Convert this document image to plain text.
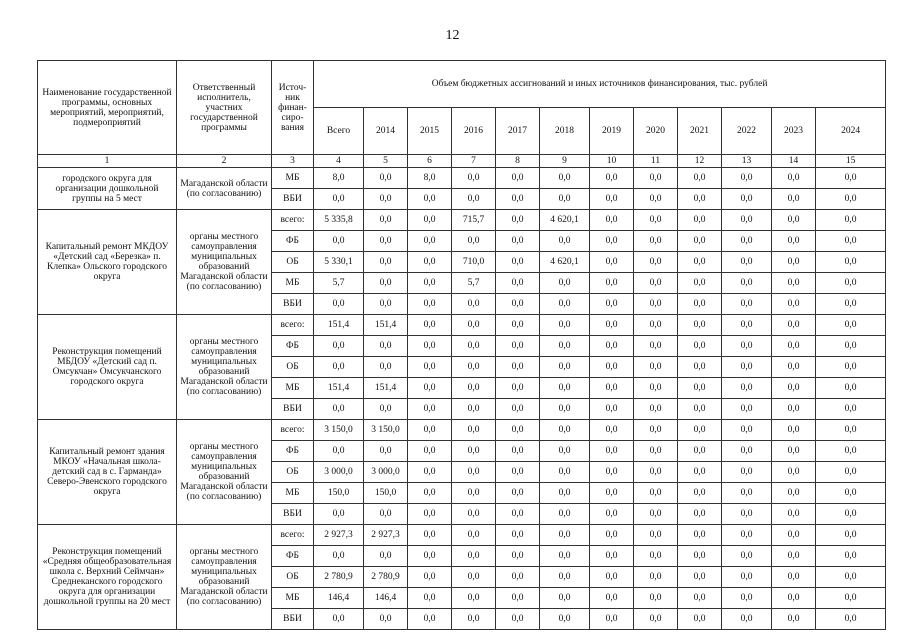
12
Наименование государственной программы, основных мероприятий, мероприятий, подмероприятий	Ответственный исполнитель, участних государственной программы	Источ-ник финан-сиро-вания	Объем бюджетных ассигнований и иных источников финансирования, тыс. рублей											
			Всего	2014	2015	2016	2017	2018	2019	2020	2021	2022	2023	2024
1	2	3	4	5	6	7	8	9	10	11	12	13	14	15
городского округа для организации дошкольной группы на 5 мест	Магаданской области (по согласованию)	МБ	8,0	0,0	8,0	0,0	0,0	0,0	0,0	0,0	0,0	0,0	0,0	0,0
		ВБИ	0,0	0,0	0,0	0,0	0,0	0,0	0,0	0,0	0,0	0,0	0,0	0,0
Капитальный ремонт МКДОУ «Детский сад «Березка» п. Клепка» Ольского городского округа	органы местного самоуправления муниципальных образований Магаданской области (по согласованию)	всего:	5 335,8	0,0	0,0	715,7	0,0	4 620,1	0,0	0,0	0,0	0,0	0,0	0,0
		ФБ	0,0	0,0	0,0	0,0	0,0	0,0	0,0	0,0	0,0	0,0	0,0	0,0
		ОБ	5 330,1	0,0	0,0	710,0	0,0	4 620,1	0,0	0,0	0,0	0,0	0,0	0,0
		МБ	5,7	0,0	0,0	5,7	0,0	0,0	0,0	0,0	0,0	0,0	0,0	0,0
		ВБИ	0,0	0,0	0,0	0,0	0,0	0,0	0,0	0,0	0,0	0,0	0,0	0,0
Реконструкция помещений МБДОУ «Детский сад п. Омсукчан» Омсукчанского городского округа	органы местного самоуправления муниципальных образований Магаданской области (по согласованию)	всего:	151,4	151,4	0,0	0,0	0,0	0,0	0,0	0,0	0,0	0,0	0,0	0,0
		ФБ	0,0	0,0	0,0	0,0	0,0	0,0	0,0	0,0	0,0	0,0	0,0	0,0
		ОБ	0,0	0,0	0,0	0,0	0,0	0,0	0,0	0,0	0,0	0,0	0,0	0,0
		МБ	151,4	151,4	0,0	0,0	0,0	0,0	0,0	0,0	0,0	0,0	0,0	0,0
		ВБИ	0,0	0,0	0,0	0,0	0,0	0,0	0,0	0,0	0,0	0,0	0,0	0,0
Капитальный ремонт здания МКОУ «Начальная школа-детский сад в с. Гарманда» Северо-Эвенского городского округа	органы местного самоуправления муниципальных образований Магаданской области (по согласованию)	всего:	3 150,0	3 150,0	0,0	0,0	0,0	0,0	0,0	0,0	0,0	0,0	0,0	0,0
		ФБ	0,0	0,0	0,0	0,0	0,0	0,0	0,0	0,0	0,0	0,0	0,0	0,0
		ОБ	3 000,0	3 000,0	0,0	0,0	0,0	0,0	0,0	0,0	0,0	0,0	0,0	0,0
		МБ	150,0	150,0	0,0	0,0	0,0	0,0	0,0	0,0	0,0	0,0	0,0	0,0
		ВБИ	0,0	0,0	0,0	0,0	0,0	0,0	0,0	0,0	0,0	0,0	0,0	0,0
Реконструкция помещений «Средняя общеобразовательная школа с. Верхний Сеймчан» Среднеканского городского округа для организации дошкольной группы на 20 мест	органы местного самоуправления муниципальных образований Магаданской области (по согласованию)	всего:	2 927,3	2 927,3	0,0	0,0	0,0	0,0	0,0	0,0	0,0	0,0	0,0	0,0
		ФБ	0,0	0,0	0,0	0,0	0,0	0,0	0,0	0,0	0,0	0,0	0,0	0,0
		ОБ	2 780,9	2 780,9	0,0	0,0	0,0	0,0	0,0	0,0	0,0	0,0	0,0	0,0
		МБ	146,4	146,4	0,0	0,0	0,0	0,0	0,0	0,0	0,0	0,0	0,0	0,0
		ВБИ	0,0	0,0	0,0	0,0	0,0	0,0	0,0	0,0	0,0	0,0	0,0	0,0
